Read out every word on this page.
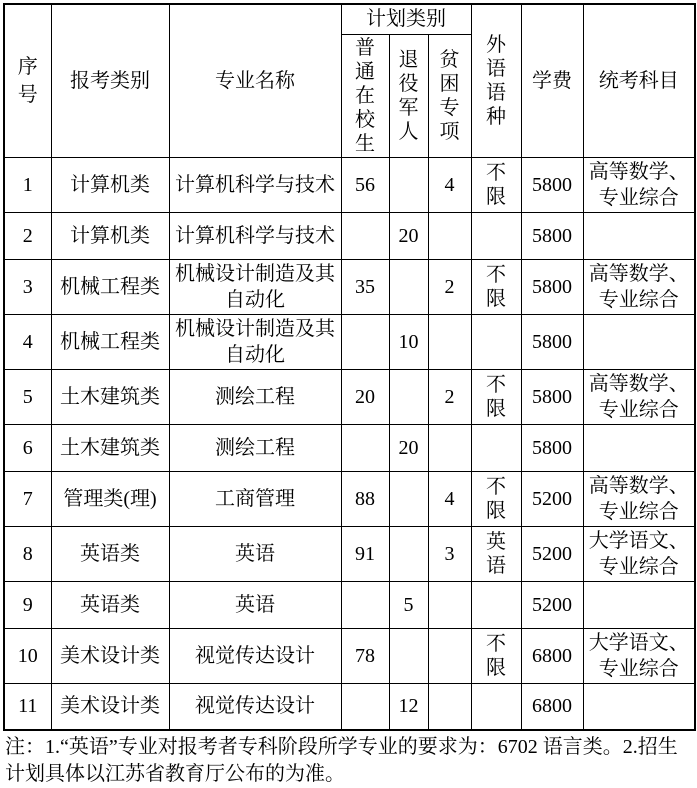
序号	报考类别	专业名称	计划类别			外语语种	学费	统考科目
			普通在校生	退役军人	贫困专项			
1	计算机类	计算机科学与技术	56		4	不限	5800	高等数学、专业综合
2	计算机类	计算机科学与技术		20			5800	
3	机械工程类	机械设计制造及其自动化	35		2	不限	5800	高等数学、专业综合
4	机械工程类	机械设计制造及其自动化		10			5800	
5	土木建筑类	测绘工程	20		2	不限	5800	高等数学、专业综合
6	土木建筑类	测绘工程		20			5800	
7	管理类(理)	工商管理	88		4	不限	5200	高等数学、专业综合
8	英语类	英语	91		3	英语	5200	大学语文、专业综合
9	英语类	英语		5			5200	
10	美术设计类	视觉传达设计	78			不限	6800	大学语文、专业综合
11	美术设计类	视觉传达设计		12			6800	
注：1.“英语”专业对报考者专科阶段所学专业的要求为：6702 语言类。2.招生计划具体以江苏省教育厅公布的为准。
